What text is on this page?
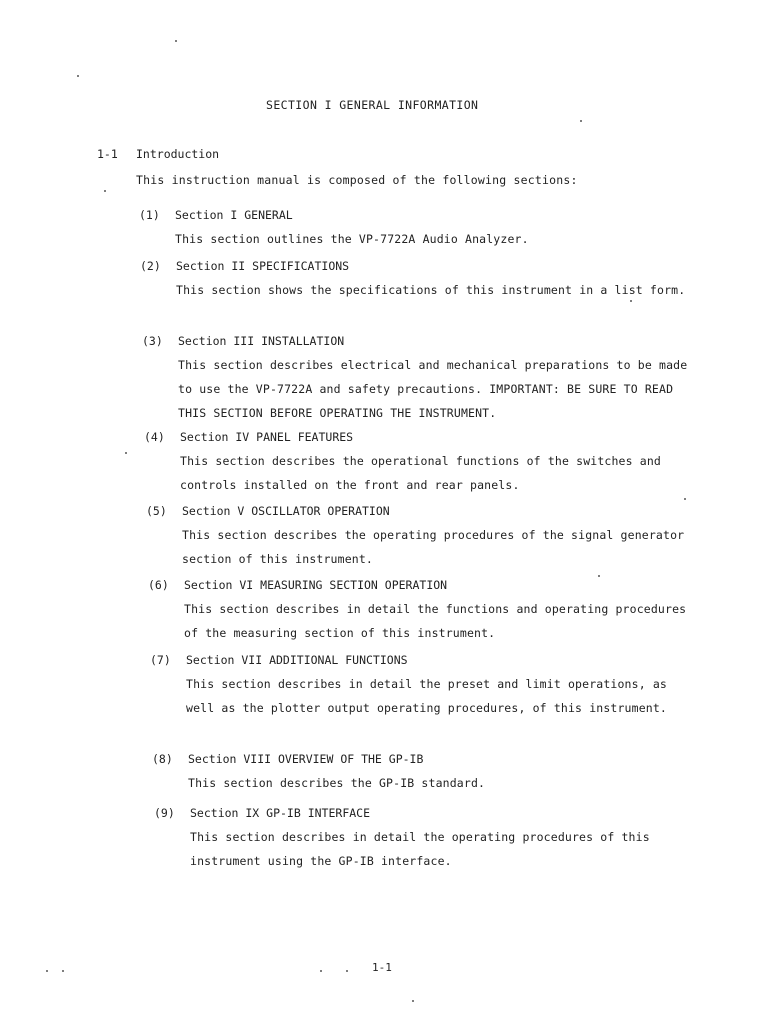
SECTION I GENERAL INFORMATION
1-1 Introduction
This instruction manual is composed of the following sections:
(1) Section I GENERAL
This section outlines the VP-7722A Audio Analyzer.
(2) Section II SPECIFICATIONS
This section shows the specifications of this instrument in a list form.
(3) Section III INSTALLATION
This section describes electrical and mechanical preparations to be made to use the VP-7722A and safety precautions. IMPORTANT: BE SURE TO READ THIS SECTION BEFORE OPERATING THE INSTRUMENT.
(4) Section IV PANEL FEATURES
This section describes the operational functions of the switches and controls installed on the front and rear panels.
(5) Section V OSCILLATOR OPERATION
This section describes the operating procedures of the signal generator section of this instrument.
(6) Section VI MEASURING SECTION OPERATION
This section describes in detail the functions and operating procedures of the measuring section of this instrument.
(7) Section VII ADDITIONAL FUNCTIONS
This section describes in detail the preset and limit operations, as well as the plotter output operating procedures, of this instrument.
(8) Section VIII OVERVIEW OF THE GP-IB
This section describes the GP-IB standard.
(9) Section IX GP-IB INTERFACE
This section describes in detail the operating procedures of this instrument using the GP-IB interface.
1-1
